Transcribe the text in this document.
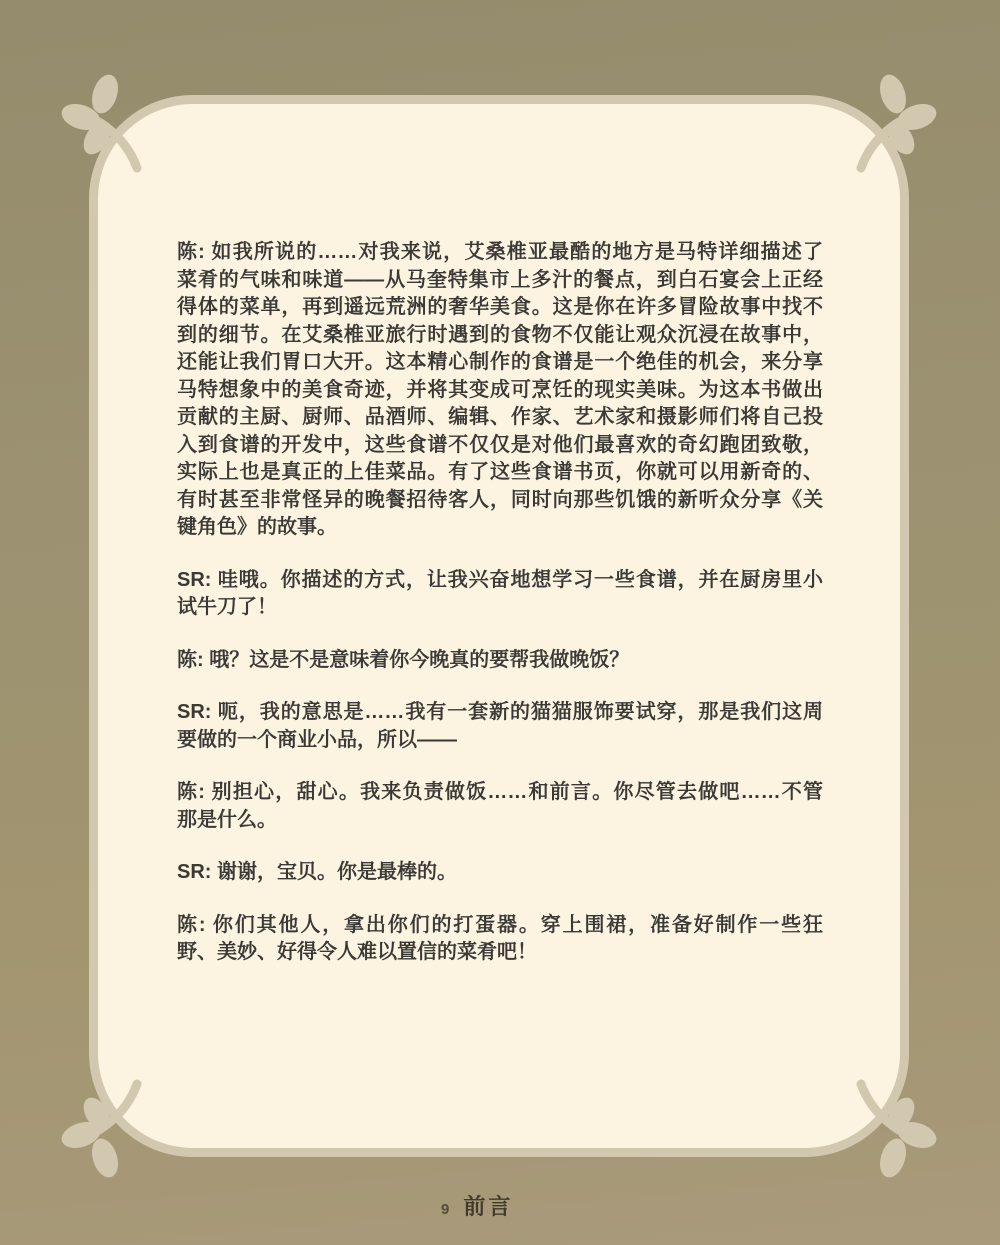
陈: 如我所说的……对我来说，艾桑椎亚最酷的地方是马特详细描述了
菜肴的气味和味道——从马奎特集市上多汁的餐点，到白石宴会上正经
得体的菜单，再到遥远荒洲的奢华美食。这是你在许多冒险故事中找不
到的细节。在艾桑椎亚旅行时遇到的食物不仅能让观众沉浸在故事中，
还能让我们胃口大开。这本精心制作的食谱是一个绝佳的机会，来分享
马特想象中的美食奇迹，并将其变成可烹饪的现实美味。为这本书做出
贡献的主厨、厨师、品酒师、编辑、作家、艺术家和摄影师们将自己投
入到食谱的开发中，这些食谱不仅仅是对他们最喜欢的奇幻跑团致敬，
实际上也是真正的上佳菜品。有了这些食谱书页，你就可以用新奇的、
有时甚至非常怪异的晚餐招待客人，同时向那些饥饿的新听众分享《关
键角色》的故事。
SR: 哇哦。你描述的方式，让我兴奋地想学习一些食谱，并在厨房里小
试牛刀了！
陈: 哦？这是不是意味着你今晚真的要帮我做晚饭？
SR: 呃，我的意思是……我有一套新的猫猫服饰要试穿，那是我们这周
要做的一个商业小品，所以——
陈: 别担心，甜心。我来负责做饭……和前言。你尽管去做吧……不管
那是什么。
SR: 谢谢，宝贝。你是最棒的。
陈: 你们其他人，拿出你们的打蛋器。穿上围裙，准备好制作一些狂
野、美妙、好得令人难以置信的菜肴吧！
9 前言
